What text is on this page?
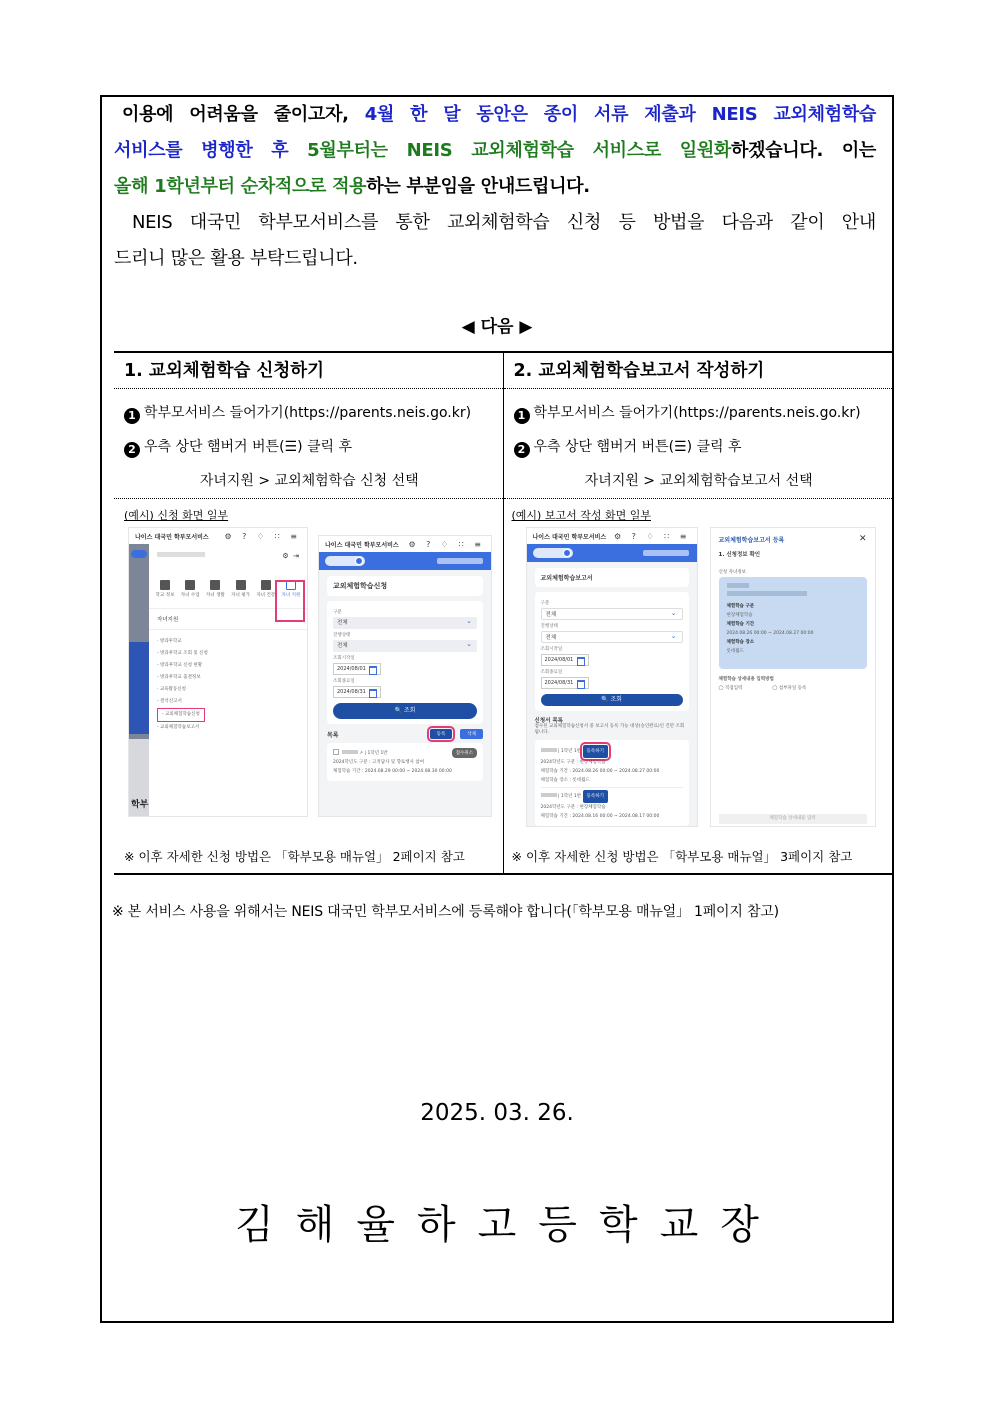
이용에 어려움을 줄이고자, 4월 한 달 동안은 종이 서류 제출과 NEIS 교외체험학습

서비스를 병행한 후 5월부터는 NEIS 교외체험학습 서비스로 일원화하겠습니다. 이는

올해 1학년부터 순차적으로 적용하는 부분임을 안내드립니다.

NEIS 대국민 학부모서비스를 통한 교외체험학습 신청 등 방법을 다음과 같이 안내

드리니 많은 활용 부탁드립니다.

◀ 다음 ▶
1. 교외체험학습 신청하기
1 학부모서비스 들어가기(https://parents.neis.go.kr)
2 우측 상단 햄버거 버튼(☰) 클릭 후
자녀지원 > 교외체험학습 신청 선택
(예시) 신청 화면 일부
나이스 대국민 학부모서비스 ⚙ ? ♢ ∷ ≡
학부
⚙  ⇥
학교 정보 자녀 수업 자녀 생활 자녀 평가 자녀 건강 자녀 지원
자녀지원
· 방과후학교
- 방과후학교 조회 및 신청
- 방과후학교 신청 현황
- 방과후학교 출결정보
· 교육활동신청
- 결석신고서
- 교외체험학습신청
- 교외체험학습보고서
나이스 대국민 학부모서비스 ⚙ ? ♢ ∷ ≡
교외체험학습신청
구분
전체 ⌄
진행상태
전체 ⌄
조회시작일
2024/08/01
조회종료일
2024/08/31
🔍 조회
목록	등록	삭제
↗ | 1학년 1반	접수취소
2024학년도 구분 : 고적답사 및 향토행사 참여
체험학습 기간 : 2024.08.29 00:00 ~ 2024.08.30 00:00
※ 이후 자세한 신청 방법은 「학부모용 매뉴얼」 2페이지 참고
2. 교외체험학습보고서 작성하기
1 학부모서비스 들어가기(https://parents.neis.go.kr)
2 우측 상단 햄버거 버튼(☰) 클릭 후
자녀지원 > 교외체험학습보고서 선택
(예시) 보고서 작성 화면 일부
나이스 대국민 학부모서비스 ⚙ ? ♢ ∷ ≡
교외체험학습보고서
구분
전체 ⌄
진행상태
전체 ⌄
조회시작일
2024/08/01
조회종료일
2024/08/31
🔍 조회
신청서 목록
접수된 교외체험학습신청서 중 보고서 등록 가능 대상(승인완료)인 건만 조회됩니다.
| 1학년 1반 등록하기
2024학년도 구분 : 현장체험학습
체험학습 기간 : 2024.08.26 00:00 ~ 2024.08.27 00:00
체험학습 장소 : 롯데월드
| 1학년 1반 등록하기
2024학년도 구분 : 현장체험학습
체험학습 기간 : 2024.08.16 00:00 ~ 2024.08.17 00:00
교외체험학습보고서 등록	✕
1. 신청정보 확인
신청 자녀정보
체험학습 구분
현장체험학습
체험학습 기간
2024.08.26 00:00 ~ 2024.08.27 00:00
체험학습 장소
롯데월드
체험학습 상세내용 입력방법
◯ 직접입력	◯ 첨부파일 등록
체험학습 상세내용 입력
※ 이후 자세한 신청 방법은 「학부모용 매뉴얼」 3페이지 참고
※ 본 서비스 사용을 위해서는 NEIS 대국민 학부모서비스에 등록해야 합니다(「학부모용 매뉴얼」 1페이지 참고)
2025. 03. 26.
김해율하고등학교장
